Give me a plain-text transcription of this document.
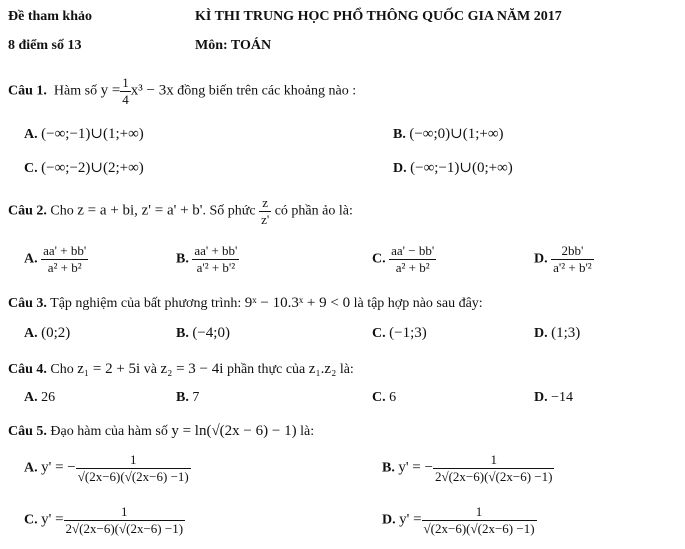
Đề tham khảo
8 điểm số 13
KÌ THI TRUNG HỌC PHỔ THÔNG QUỐC GIA NĂM 2017
Môn: TOÁN
Câu 1. Hàm số $y = \frac{1}{4} x^3 - 3x$ đồng biến trên các khoảng nào :
A. (−∞;−1)∪(1;+∞)	B. (−∞;0)∪(1;+∞)
C. (−∞;−2)∪(2;+∞)	D. (−∞;−1)∪(0;+∞)
Câu 2. Cho z = a + bi, z' = a' + b'. Số phức $\frac{z}{z'}$ có phần ảo là:
A. $\frac{aa' + bb'}{\text{a² + b²}}$	B. $\frac{aa' + bb'}{\text{a'² + b'²}}$	C. $\frac{aa' - bb'}{\text{a² + b²}}$	D. $\frac{2bb'}{\text{a'² + b'²}}$
Câu 3. Tập nghiệm của bất phương trình: 9ˣ − 10.3ˣ + 9 < 0 là tập hợp nào sau đây:
A. (0;2)	B. (−4;0)	C. (−1;3)	D. (1;3)
Câu 4. Cho z₁ = 2 + 5i và z₂ = 3 − 4i phần thực của z₁.z₂ là:
A. 26	B. 7	C. 6	D. −14
Câu 5. Đạo hàm của hàm số y = ln(√(2x − 6) − 1) là:
A. y' = − $\frac{1}{√(2x-6)(√(2x-6) -1)}$	B. y' = − $\frac{1}{2√(2x-6)(√(2x-6) -1)}$
C. $y' = \frac{1}{2√(2x-6)(√(2x-6) -1)}$	D. $y' = \frac{1}{√(2x-6)(√(2x-6) -1)}$
